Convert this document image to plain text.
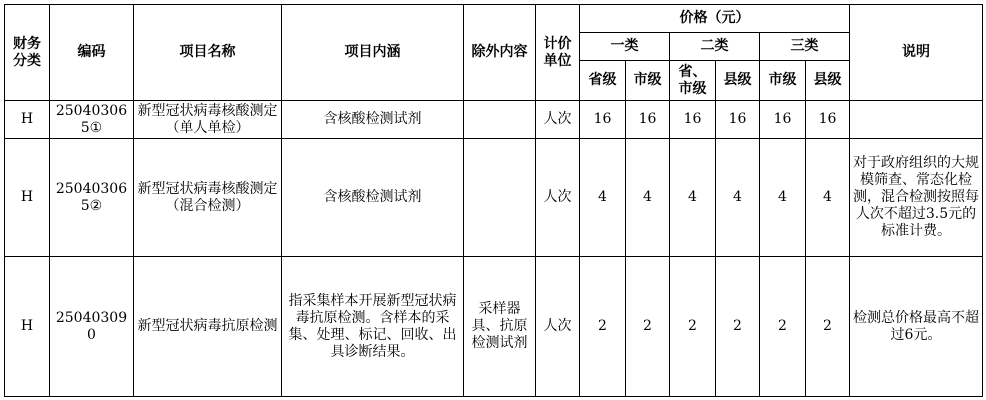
财务分类	编码	项目名称	项目内涵	除外内容	计价单位	价格（元）						说明
						一类		二类		三类		
						省级	市级	省、市级	县级	市级	县级	
H	250403065①	新型冠状病毒核酸测定（单人单检）	含核酸检测试剂		人次	16	16	16	16	16	16	
H	250403065②	新型冠状病毒核酸测定（混合检测）	含核酸检测试剂		人次	4	4	4	4	4	4	对于政府组织的大规模筛查、常态化检测，混合检测按照每人次不超过3.5元的标准计费。
H	250403090	新型冠状病毒抗原检测	指采集样本开展新型冠状病毒抗原检测。含样本的采集、处理、标记、回收、出具诊断结果。	采样器具、抗原检测试剂	人次	2	2	2	2	2	2	检测总价格最高不超过6元。
